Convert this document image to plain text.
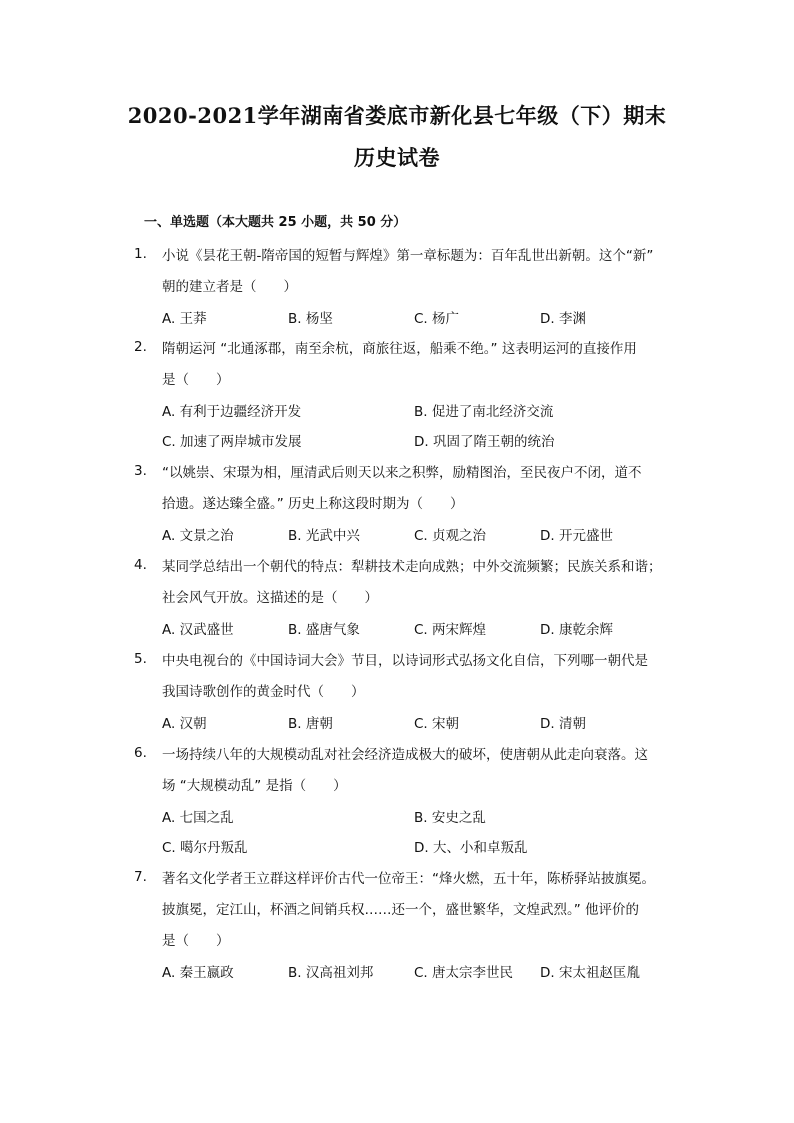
2020-2021学年湖南省娄底市新化县七年级（下）期末
历史试卷
一、单选题（本大题共 25 小题，共 50 分）
1. 小说《昙花王朝-隋帝国的短暂与辉煌》第一章标题为：百年乱世出新朝。这个“新”
朝的建立者是（　　）
A. 王莽	B. 杨坚	C. 杨广	D. 李渊
2. 隋朝运河 “北通涿郡，南至余杭，商旅往返，船乘不绝。” 这表明运河的直接作用
是（　　）
A. 有利于边疆经济开发	B. 促进了南北经济交流
C. 加速了两岸城市发展	D. 巩固了隋王朝的统治
3. “以姚崇、宋璟为相，厘清武后则天以来之积弊，励精图治，至民夜户不闭，道不
拾遗。遂达臻全盛。” 历史上称这段时期为（　　）
A. 文景之治	B. 光武中兴	C. 贞观之治	D. 开元盛世
4. 某同学总结出一个朝代的特点：犁耕技术走向成熟；中外交流频繁；民族关系和谐；
社会风气开放。这描述的是（　　）
A. 汉武盛世	B. 盛唐气象	C. 两宋辉煌	D. 康乾余辉
5. 中央电视台的《中国诗词大会》节目，以诗词形式弘扬文化自信，下列哪一朝代是
我国诗歌创作的黄金时代（　　）
A. 汉朝	B. 唐朝	C. 宋朝	D. 清朝
6. 一场持续八年的大规模动乱对社会经济造成极大的破坏，使唐朝从此走向衰落。这
场 “大规模动乱” 是指（　　）
A. 七国之乱	B. 安史之乱
C. 噶尔丹叛乱	D. 大、小和卓叛乱
7. 著名文化学者王立群这样评价古代一位帝王：“烽火燃，五十年，陈桥驿站披旗冕。
披旗冕，定江山，杯酒之间销兵权……还一个，盛世繁华，文煌武烈。” 他评价的
是（　　）
A. 秦王嬴政	B. 汉高祖刘邦	C. 唐太宗李世民 D. 宋太祖赵匡胤
